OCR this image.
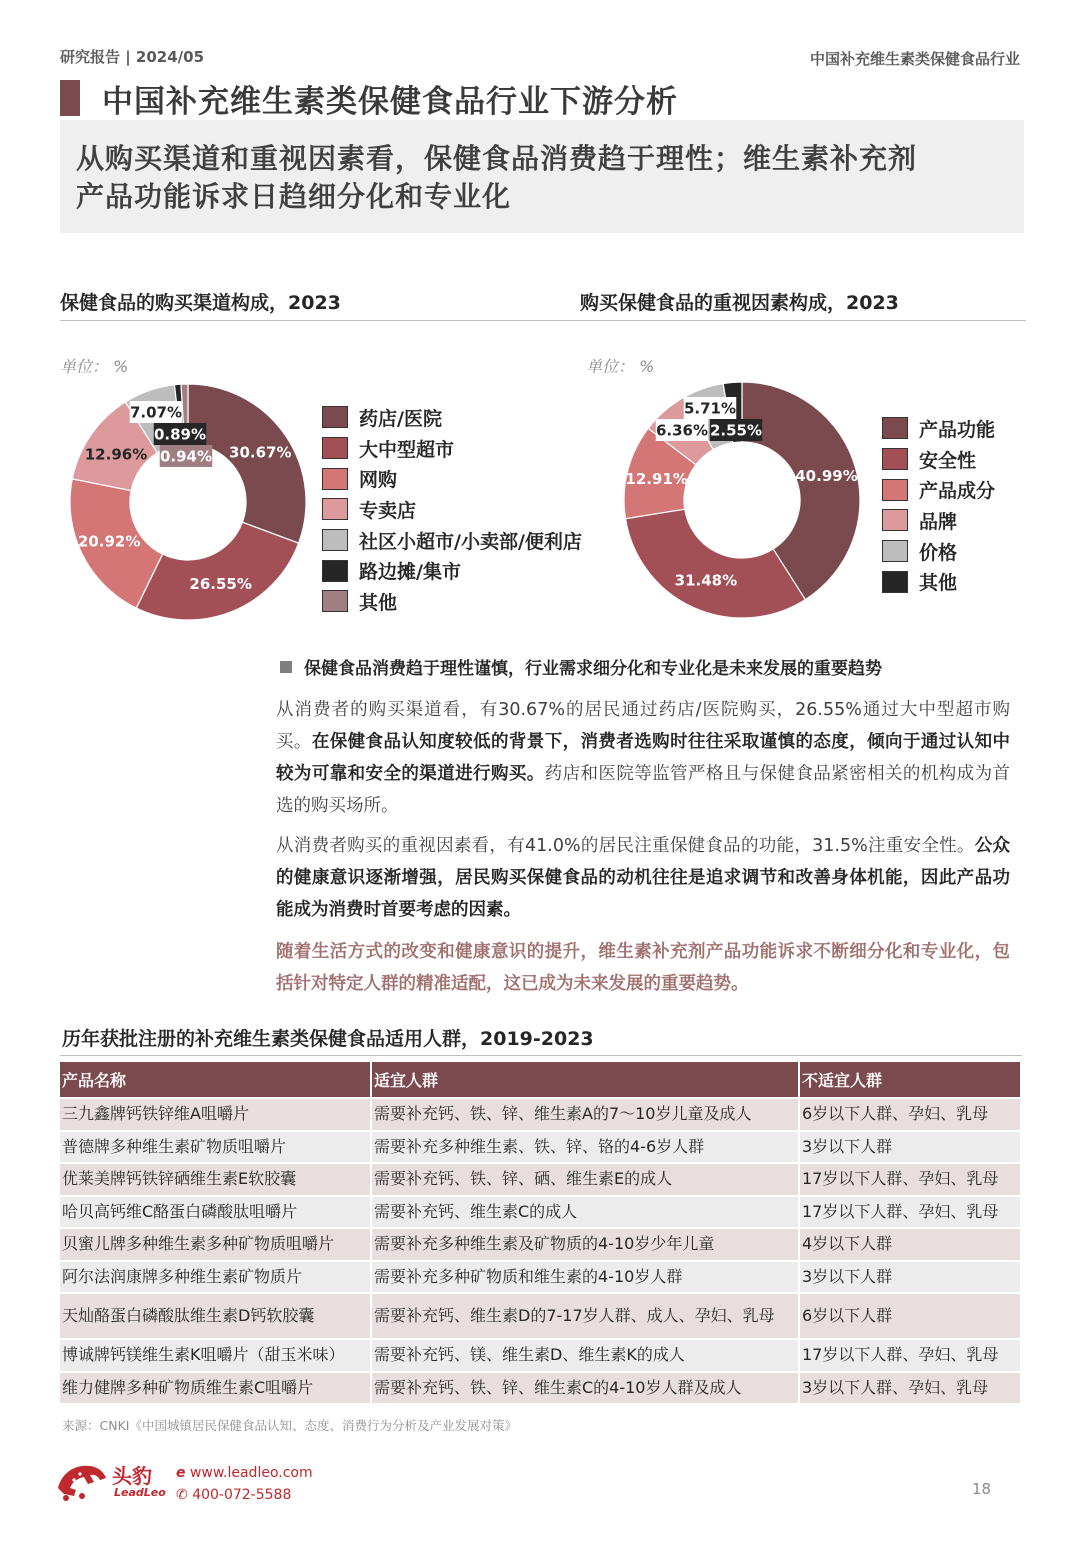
研究报告 | 2024/05	中国补充维生素类保健食品行业
中国补充维生素类保健食品行业下游分析
从购买渠道和重视因素看，保健食品消费趋于理性；维生素补充剂
产品功能诉求日趋细分化和专业化
保健食品的购买渠道构成，2023	购买保健食品的重视因素构成，2023
单位： %	单位： %
30.67%
26.55%
20.92%
12.96%
7.07%
0.89%
0.94%
40.99%
31.48%
12.91%
6.36%
5.71%
2.55%
药店/医院
大中型超市
网购
专卖店
社区小超市/小卖部/便利店
路边摊/集市
其他
产品功能
安全性
产品成分
品牌
价格
其他
保健食品消费趋于理性谨慎，行业需求细分化和专业化是未来发展的重要趋势
从消费者的购买渠道看，有30.67%的居民通过药店/医院购买，26.55%通过大中型超市购买。在保健食品认知度较低的背景下，消费者选购时往往采取谨慎的态度，倾向于通过认知中较为可靠和安全的渠道进行购买。药店和医院等监管严格且与保健食品紧密相关的机构成为首选的购买场所。
从消费者购买的重视因素看，有41.0%的居民注重保健食品的功能，31.5%注重安全性。公众的健康意识逐渐增强，居民购买保健食品的动机往往是追求调节和改善身体机能，因此产品功能成为消费时首要考虑的因素。
随着生活方式的改变和健康意识的提升，维生素补充剂产品功能诉求不断细分化和专业化，包括针对特定人群的精准适配，这已成为未来发展的重要趋势。
历年获批注册的补充维生素类保健食品适用人群，2019-2023
产品名称	适宜人群	不适宜人群
三九鑫牌钙铁锌维A咀嚼片	需要补充钙、铁、锌、维生素A的7～10岁儿童及成人	6岁以下人群、孕妇、乳母
普德牌多种维生素矿物质咀嚼片	需要补充多种维生素、铁、锌、铬的4-6岁人群	3岁以下人群
优莱美牌钙铁锌硒维生素E软胶囊	需要补充钙、铁、锌、硒、维生素E的成人	17岁以下人群、孕妇、乳母
哈贝高钙维C酪蛋白磷酸肽咀嚼片	需要补充钙、维生素C的成人	17岁以下人群、孕妇、乳母
贝蜜儿牌多种维生素多种矿物质咀嚼片	需要补充多种维生素及矿物质的4-10岁少年儿童	4岁以下人群
阿尔法润康牌多种维生素矿物质片	需要补充多种矿物质和维生素的4-10岁人群	3岁以下人群
天灿酪蛋白磷酸肽维生素D钙软胶囊	需要补充钙、维生素D的7-17岁人群、成人、孕妇、乳母	6岁以下人群
博诚牌钙镁维生素K咀嚼片（甜玉米味）	需要补充钙、镁、维生素D、维生素K的成人	17岁以下人群、孕妇、乳母
维力健牌多种矿物质维生素C咀嚼片	需要补充钙、铁、锌、维生素C的4-10岁人群及成人	3岁以下人群、孕妇、乳母
来源：CNKI《中国城镇居民保健食品认知、态度、消费行为分析及产业发展对策》
头豹
LeadLeo
e www.leadleo.com
✆ 400-072-5588	18
